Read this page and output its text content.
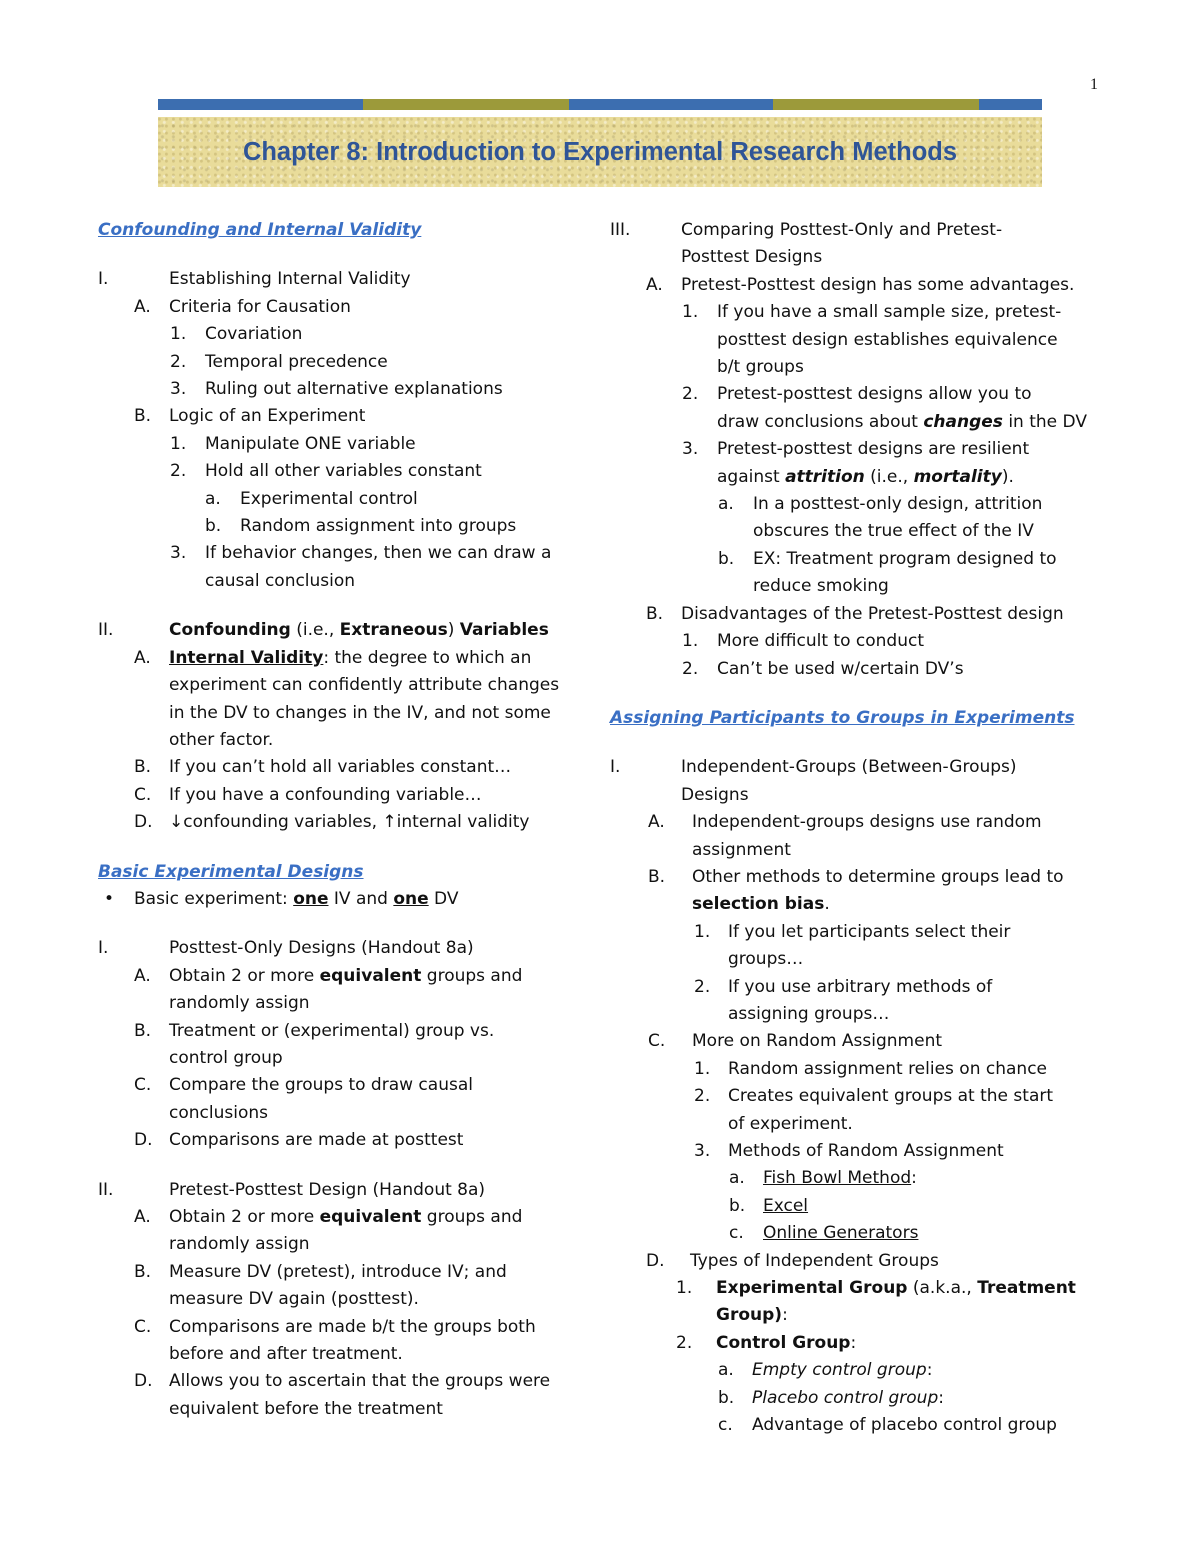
1
Chapter 8: Introduction to Experimental Research Methods
Confounding and Internal Validity
I.	Establishing Internal Validity
A. Criteria for Causation
1. Covariation
2. Temporal precedence
3. Ruling out alternative explanations
B. Logic of an Experiment
1. Manipulate ONE variable
2. Hold all other variables constant
a. Experimental control
b. Random assignment into groups
3. If behavior changes, then we can draw a
causal conclusion
II.	Confounding (i.e., Extraneous) Variables
A. Internal Validity: the degree to which an
experiment can confidently attribute changes
in the DV to changes in the IV, and not some
other factor.
B. If you can’t hold all variables constant…
C. If you have a confounding variable…
D. ↓confounding variables, ↑internal validity
Basic Experimental Designs
• Basic experiment: one IV and one DV
I.	Posttest-Only Designs (Handout 8a)
A. Obtain 2 or more equivalent groups and
randomly assign
B. Treatment or (experimental) group vs.
control group
C. Compare the groups to draw causal
conclusions
D. Comparisons are made at posttest
II.	Pretest-Posttest Design (Handout 8a)
A. Obtain 2 or more equivalent groups and
randomly assign
B. Measure DV (pretest), introduce IV; and
measure DV again (posttest).
C. Comparisons are made b/t the groups both
before and after treatment.
D. Allows you to ascertain that the groups were
equivalent before the treatment
III.	Comparing Posttest-Only and Pretest-
Posttest Designs
A. Pretest-Posttest design has some advantages.
1. If you have a small sample size, pretest-
posttest design establishes equivalence
b/t groups
2. Pretest-posttest designs allow you to
draw conclusions about changes in the DV
3. Pretest-posttest designs are resilient
against attrition (i.e., mortality).
a. In a posttest-only design, attrition
obscures the true effect of the IV
b. EX: Treatment program designed to
reduce smoking
B. Disadvantages of the Pretest-Posttest design
1. More difficult to conduct
2. Can’t be used w/certain DV’s
Assigning Participants to Groups in Experiments
I.	Independent-Groups (Between-Groups)
Designs
A. Independent-groups designs use random
assignment
B. Other methods to determine groups lead to
selection bias.
1. If you let participants select their
groups…
2. If you use arbitrary methods of
assigning groups…
C. More on Random Assignment
1. Random assignment relies on chance
2. Creates equivalent groups at the start
of experiment.
3. Methods of Random Assignment
a. Fish Bowl Method:
b. Excel
c. Online Generators
D. Types of Independent Groups
1. Experimental Group (a.k.a., Treatment
Group):
2. Control Group:
a. Empty control group:
b. Placebo control group:
c. Advantage of placebo control group
